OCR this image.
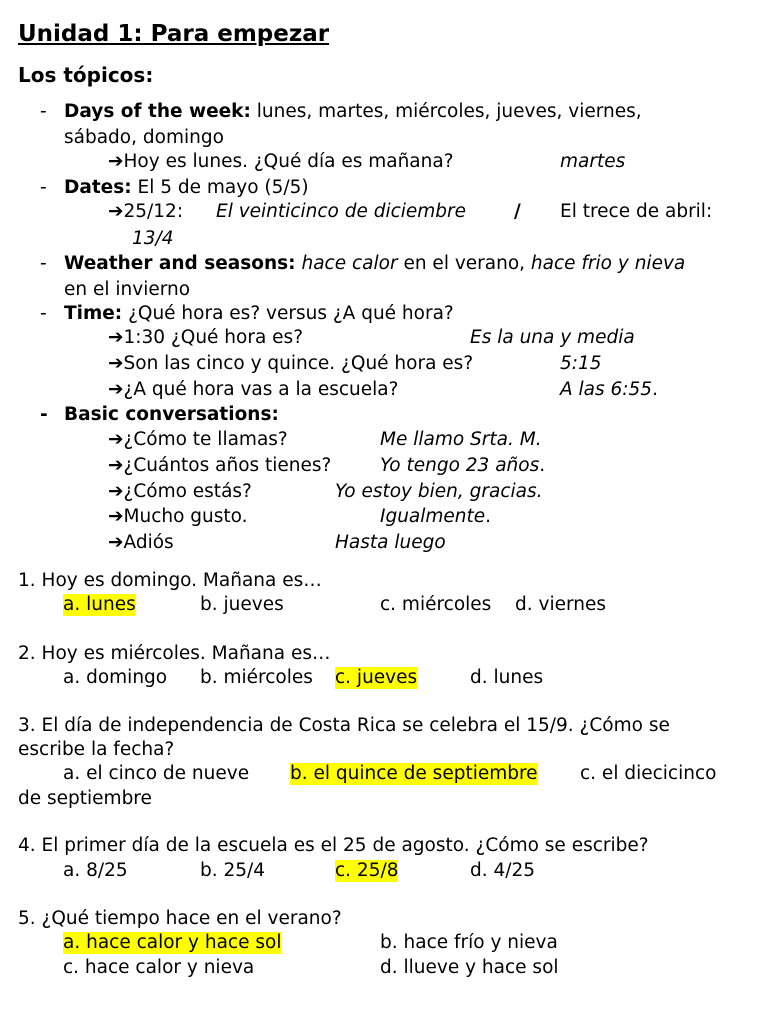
Unidad 1: Para empezar
Los tópicos:
- Days of the week: lunes, martes, miércoles, jueves, viernes,
sábado, domingo
➔Hoy es lunes. ¿Qué día es mañana?	martes
- Dates: El 5 de mayo (5/5)
➔25/12: El veinticinco de diciembre	/ El trece de abril:
13/4
- Weather and seasons: hace calor en el verano, hace frio y nieva
en el invierno
- Time: ¿Qué hora es? versus ¿A qué hora?
➔1:30 ¿Qué hora es?	Es la una y media
➔Son las cinco y quince. ¿Qué hora es?	5:15
➔¿A qué hora vas a la escuela?	A las 6:55.
- Basic conversations:
➔¿Cómo te llamas?	Me llamo Srta. M.
➔¿Cuántos años tienes?	Yo tengo 23 años.
➔¿Cómo estás?	Yo estoy bien, gracias.
➔Mucho gusto.	Igualmente.
➔Adiós	Hasta luego
1. Hoy es domingo. Mañana es…
a. lunes	b. jueves	c. miércoles d. viernes
2. Hoy es miércoles. Mañana es…
a. domingo b. miércoles c. jueves	d. lunes
3. El día de independencia de Costa Rica se celebra el 15/9. ¿Cómo se
escribe la fecha?
a. el cinco de nueve b. el quince de septiembre c. el diecicinco
de septiembre
4. El primer día de la escuela es el 25 de agosto. ¿Cómo se escribe?
a. 8/25	b. 25/4	c. 25/8	d. 4/25
5. ¿Qué tiempo hace en el verano?
a. hace calor y hace sol	b. hace frío y nieva
c. hace calor y nieva	d. llueve y hace sol
